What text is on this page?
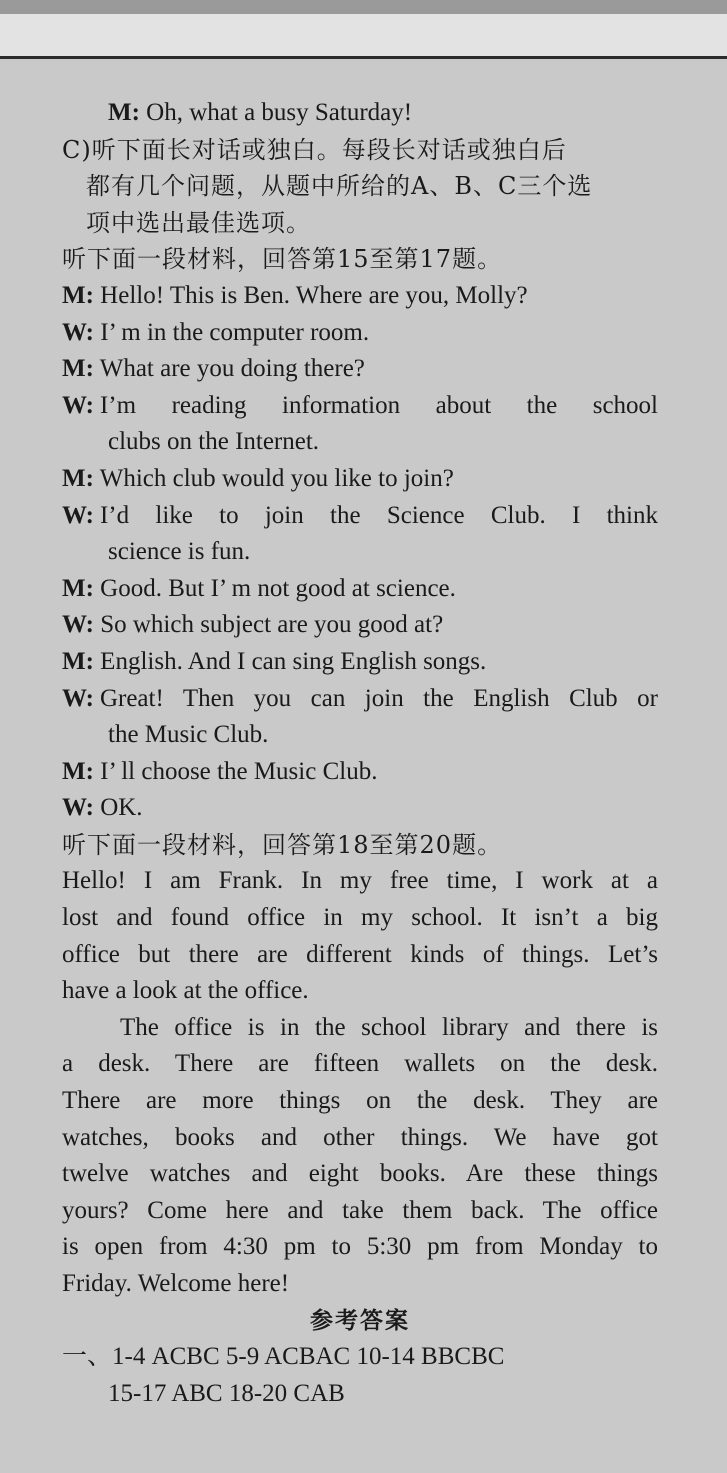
M: Oh, what a busy Saturday!
C)听下面长对话或独白。每段长对话或独白后
都有几个问题，从题中所给的A、B、C三个选
项中选出最佳选项。
听下面一段材料，回答第15至第17题。
M: Hello! This is Ben. Where are you, Molly?
W: I’ m in the computer room.
M: What are you doing there?
W: I’m reading information about the school
clubs on the Internet.
M: Which club would you like to join?
W: I’d like to join the Science Club. I think
science is fun.
M: Good. But I’ m not good at science.
W: So which subject are you good at?
M: English. And I can sing English songs.
W: Great! Then you can join the English Club or
the Music Club.
M: I’ ll choose the Music Club.
W: OK.
听下面一段材料，回答第18至第20题。
Hello! I am Frank. In my free time, I work at a
lost and found office in my school. It isn’t a big
office but there are different kinds of things. Let’s
have a look at the office.
The office is in the school library and there is
a desk. There are fifteen wallets on the desk.
There are more things on the desk. They are
watches, books and other things. We have got
twelve watches and eight books. Are these things
yours? Come here and take them back. The office
is open from 4:30 pm to 5:30 pm from Monday to
Friday. Welcome here!
参考答案
一、1-4 ACBC 5-9 ACBAC 10-14 BBCBC
15-17 ABC 18-20 CAB
